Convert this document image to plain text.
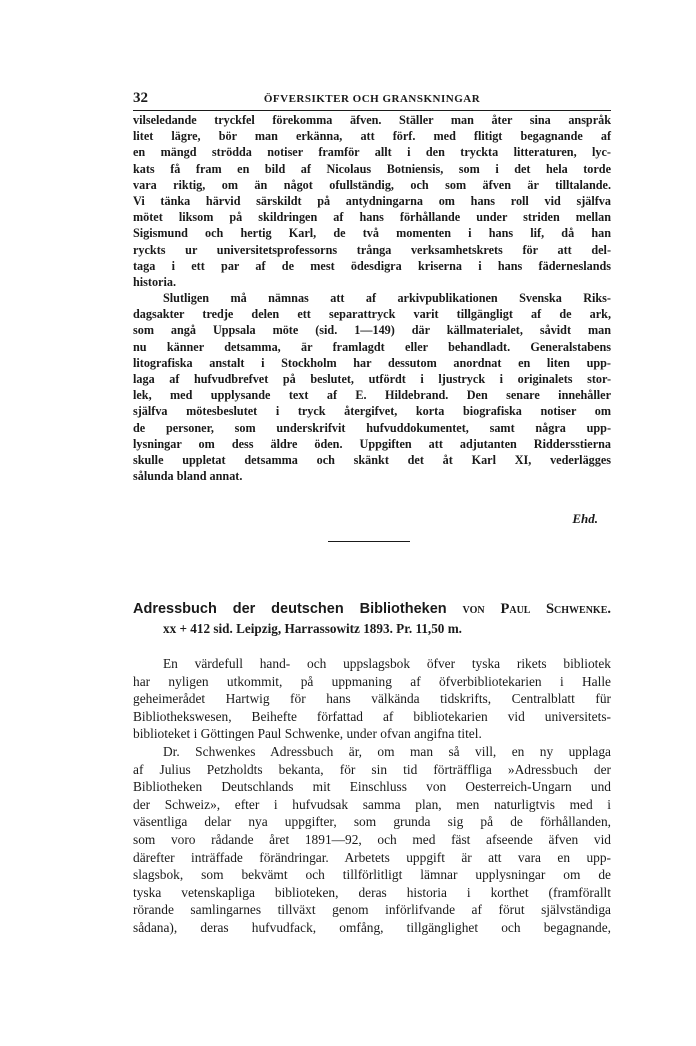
32	ÖFVERSIKTER OCH GRANSKNINGAR
vilseledande tryckfel förekomma äfven. Ställer man åter sina anspråk
litet lägre, bör man erkänna, att förf. med flitigt begagnande af
en mängd strödda notiser framför allt i den tryckta litteraturen, lyc-
kats få fram en bild af Nicolaus Botniensis, som i det hela torde
vara riktig, om än något ofullständig, och som äfven är tilltalande.
Vi tänka härvid särskildt på antydningarna om hans roll vid själfva
mötet liksom på skildringen af hans förhållande under striden mellan
Sigismund och hertig Karl, de två momenten i hans lif, då han
ryckts ur universitetsprofessorns trånga verksamhetskrets för att del-
taga i ett par af de mest ödesdigra kriserna i hans fäderneslands
historia.
Slutligen må nämnas att af arkivpublikationen Svenska Riks-
dagsakter tredje delen ett separattryck varit tillgängligt af de ark,
som angå Uppsala möte (sid. 1—149) där källmaterialet, såvidt man
nu känner detsamma, är framlagdt eller behandladt. Generalstabens
litografiska anstalt i Stockholm har dessutom anordnat en liten upp-
laga af hufvudbrefvet på beslutet, utfördt i ljustryck i originalets stor-
lek, med upplysande text af E. Hildebrand. Den senare innehåller
själfva mötesbeslutet i tryck återgifvet, korta biografiska notiser om
de personer, som underskrifvit hufvuddokumentet, samt några upp-
lysningar om dess äldre öden. Uppgiften att adjutanten Riddersstierna
skulle uppletat detsamma och skänkt det åt Karl XI, vederlägges
sålunda bland annat.
Ehd.
Adressbuch der deutschen Bibliotheken von Paul Schwenke.
xx + 412 sid. Leipzig, Harrassowitz 1893. Pr. 11,50 m.
En värdefull hand- och uppslagsbok öfver tyska rikets bibliotek
har nyligen utkommit, på uppmaning af öfverbibliotekarien i Halle
geheimerådet Hartwig för hans välkända tidskrifts, Centralblatt für
Bibliothekswesen, Beihefte författad af bibliotekarien vid universitets-
biblioteket i Göttingen Paul Schwenke, under ofvan angifna titel.
Dr. Schwenkes Adressbuch är, om man så vill, en ny upplaga
af Julius Petzholdts bekanta, för sin tid förträffliga »Adressbuch der
Bibliotheken Deutschlands mit Einschluss von Oesterreich-Ungarn und
der Schweiz», efter i hufvudsak samma plan, men naturligtvis med i
väsentliga delar nya uppgifter, som grunda sig på de förhållanden,
som voro rådande året 1891—92, och med fäst afseende äfven vid
därefter inträffade förändringar. Arbetets uppgift är att vara en upp-
slagsbok, som bekvämt och tillförlitligt lämnar upplysningar om de
tyska vetenskapliga biblioteken, deras historia i korthet (framförallt
rörande samlingarnes tillväxt genom införlifvande af förut självständiga
sådana), deras hufvudfack, omfång, tillgänglighet och begagnande,
